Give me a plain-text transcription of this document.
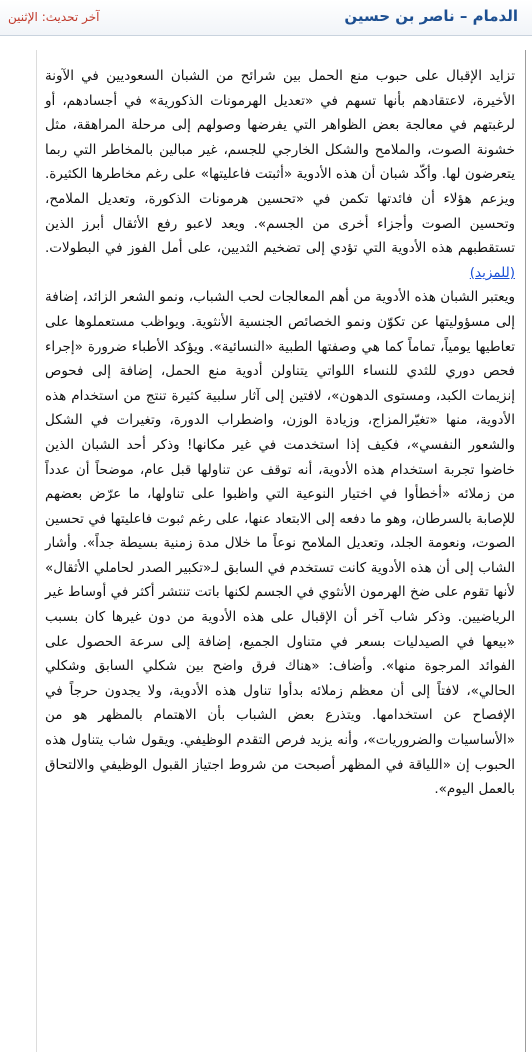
الدمام – ناصر بن حسين
آخر تحديث: الإثنين

تزايد الإقبال على حبوب منع الحمل بين شرائح من الشبان السعوديين في الآونة الأخيرة، لاعتقادهم بأنها تسهم في «تعديل الهرمونات الذكورية» في أجسادهم، أو لرغبتهم في معالجة بعض الظواهر التي يفرضها وصولهم إلى مرحلة المراهقة، مثل خشونة الصوت، والملامح والشكل الخارجي للجسم، غير مبالين بالمخاطر التي ربما يتعرضون لها. وأكّد شبان أن هذه الأدوية «أثبتت فاعليتها» على رغم مخاطرها الكثيرة. ويزعم هؤلاء أن فائدتها تكمن في «تحسين هرمونات الذكورة، وتعديل الملامح، وتحسين الصوت وأجزاء أخرى من الجسم». ويعد لاعبو رفع الأثقال أبرز الذين تستقطبهم هذه الأدوية التي تؤدي إلى تضخيم الثديين، على أمل الفوز في البطولات. (للمزيد)

ويعتبر الشبان هذه الأدوية من أهم المعالجات لحب الشباب، ونمو الشعر الزائد، إضافة إلى مسؤوليتها عن تكوّن ونمو الخصائص الجنسية الأنثوية. ويواظب مستعملوها على تعاطيها يومياً، تماماً كما هي وصفتها الطبية «النسائية». ويؤكد الأطباء ضرورة «إجراء فحص دوري للثدي للنساء اللواتي يتناولن أدوية منع الحمل، إضافة إلى فحوص إنزيمات الكبد، ومستوى الدهون»، لافتين إلى آثار سلبية كثيرة تنتج من استخدام هذه الأدوية، منها «تغيّرالمزاج، وزيادة الوزن، واضطراب الدورة، وتغيرات في الشكل والشعور النفسي»، فكيف إذا استخدمت في غير مكانها! وذكر أحد الشبان الذين خاضوا تجربة استخدام هذه الأدوية، أنه توقف عن تناولها قبل عام، موضحاً أن عدداً من زملائه «أخطأوا في اختيار النوعية التي واظبوا على تناولها، ما عرّض بعضهم للإصابة بالسرطان، وهو ما دفعه إلى الابتعاد عنها، على رغم ثبوت فاعليتها في تحسين الصوت، ونعومة الجلد، وتعديل الملامح نوعاً ما خلال مدة زمنية بسيطة جداً». وأشار الشاب إلى أن هذه الأدوية كانت تستخدم في السابق لـ«تكبير الصدر لحاملي الأثقال» لأنها تقوم على ضخ الهرمون الأنثوي في الجسم لكنها باتت تنتشر أكثر في أوساط غير الرياضيين. وذكر شاب آخر أن الإقبال على هذه الأدوية من دون غيرها كان بسبب «بيعها في الصيدليات بسعر في متناول الجميع، إضافة إلى سرعة الحصول على الفوائد المرجوة منها». وأضاف: «هناك فرق واضح بين شكلي السابق وشكلي الحالي»، لافتاً إلى أن معظم زملائه بدأوا تناول هذه الأدوية، ولا يجدون حرجاً في الإفصاح عن استخدامها. ويتذرع بعض الشباب بأن الاهتمام بالمظهر هو من «الأساسيات والضروريات»، وأنه يزيد فرص التقدم الوظيفي. ويقول شاب يتناول هذه الحبوب إن «اللياقة في المظهر أصبحت من شروط اجتياز القبول الوظيفي والالتحاق بالعمل اليوم».
